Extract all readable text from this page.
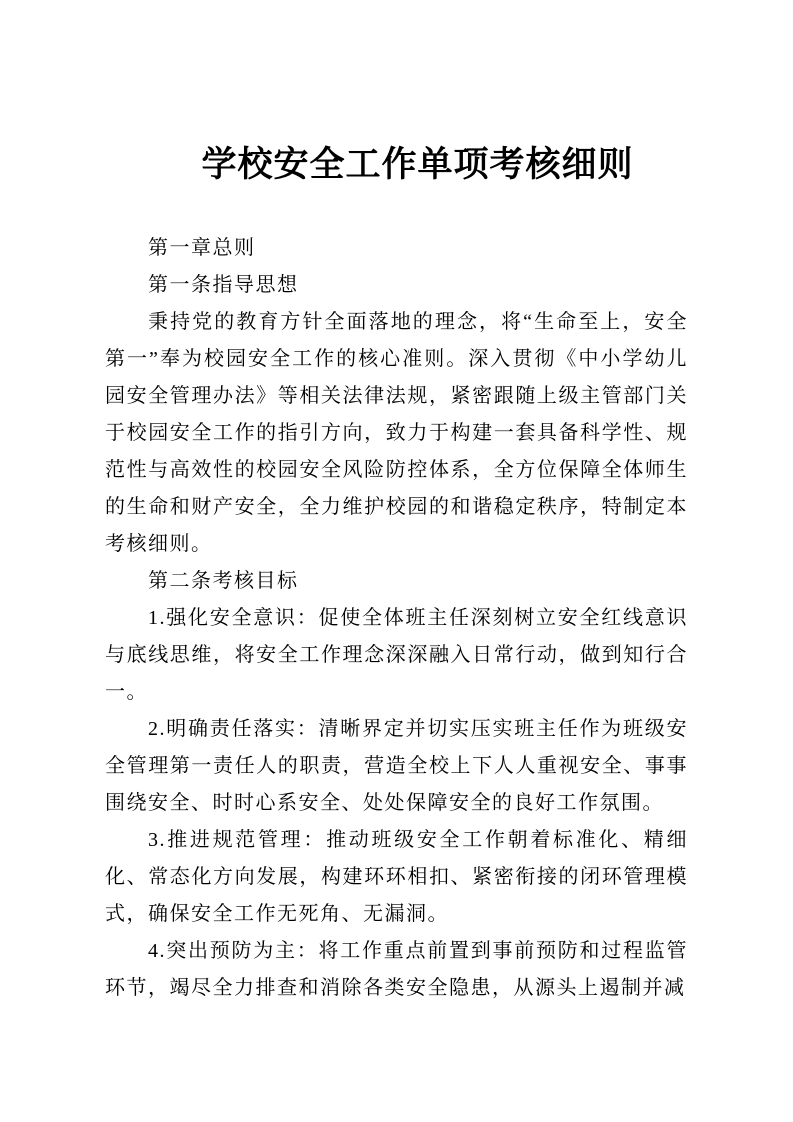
学校安全工作单项考核细则

第一章总则

第一条指导思想

秉持党的教育方针全面落地的理念，将“生命至上，安全第一”奉为校园安全工作的核心准则。深入贯彻《中小学幼儿园安全管理办法》等相关法律法规，紧密跟随上级主管部门关于校园安全工作的指引方向，致力于构建一套具备科学性、规范性与高效性的校园安全风险防控体系，全方位保障全体师生的生命和财产安全，全力维护校园的和谐稳定秩序，特制定本考核细则。

第二条考核目标

1.强化安全意识：促使全体班主任深刻树立安全红线意识与底线思维，将安全工作理念深深融入日常行动，做到知行合一。

2.明确责任落实：清晰界定并切实压实班主任作为班级安全管理第一责任人的职责，营造全校上下人人重视安全、事事围绕安全、时时心系安全、处处保障安全的良好工作氛围。

3.推进规范管理：推动班级安全工作朝着标准化、精细化、常态化方向发展，构建环环相扣、紧密衔接的闭环管理模式，确保安全工作无死角、无漏洞。

4.突出预防为主：将工作重点前置到事前预防和过程监管环节，竭尽全力排查和消除各类安全隐患，从源头上遏制并减
